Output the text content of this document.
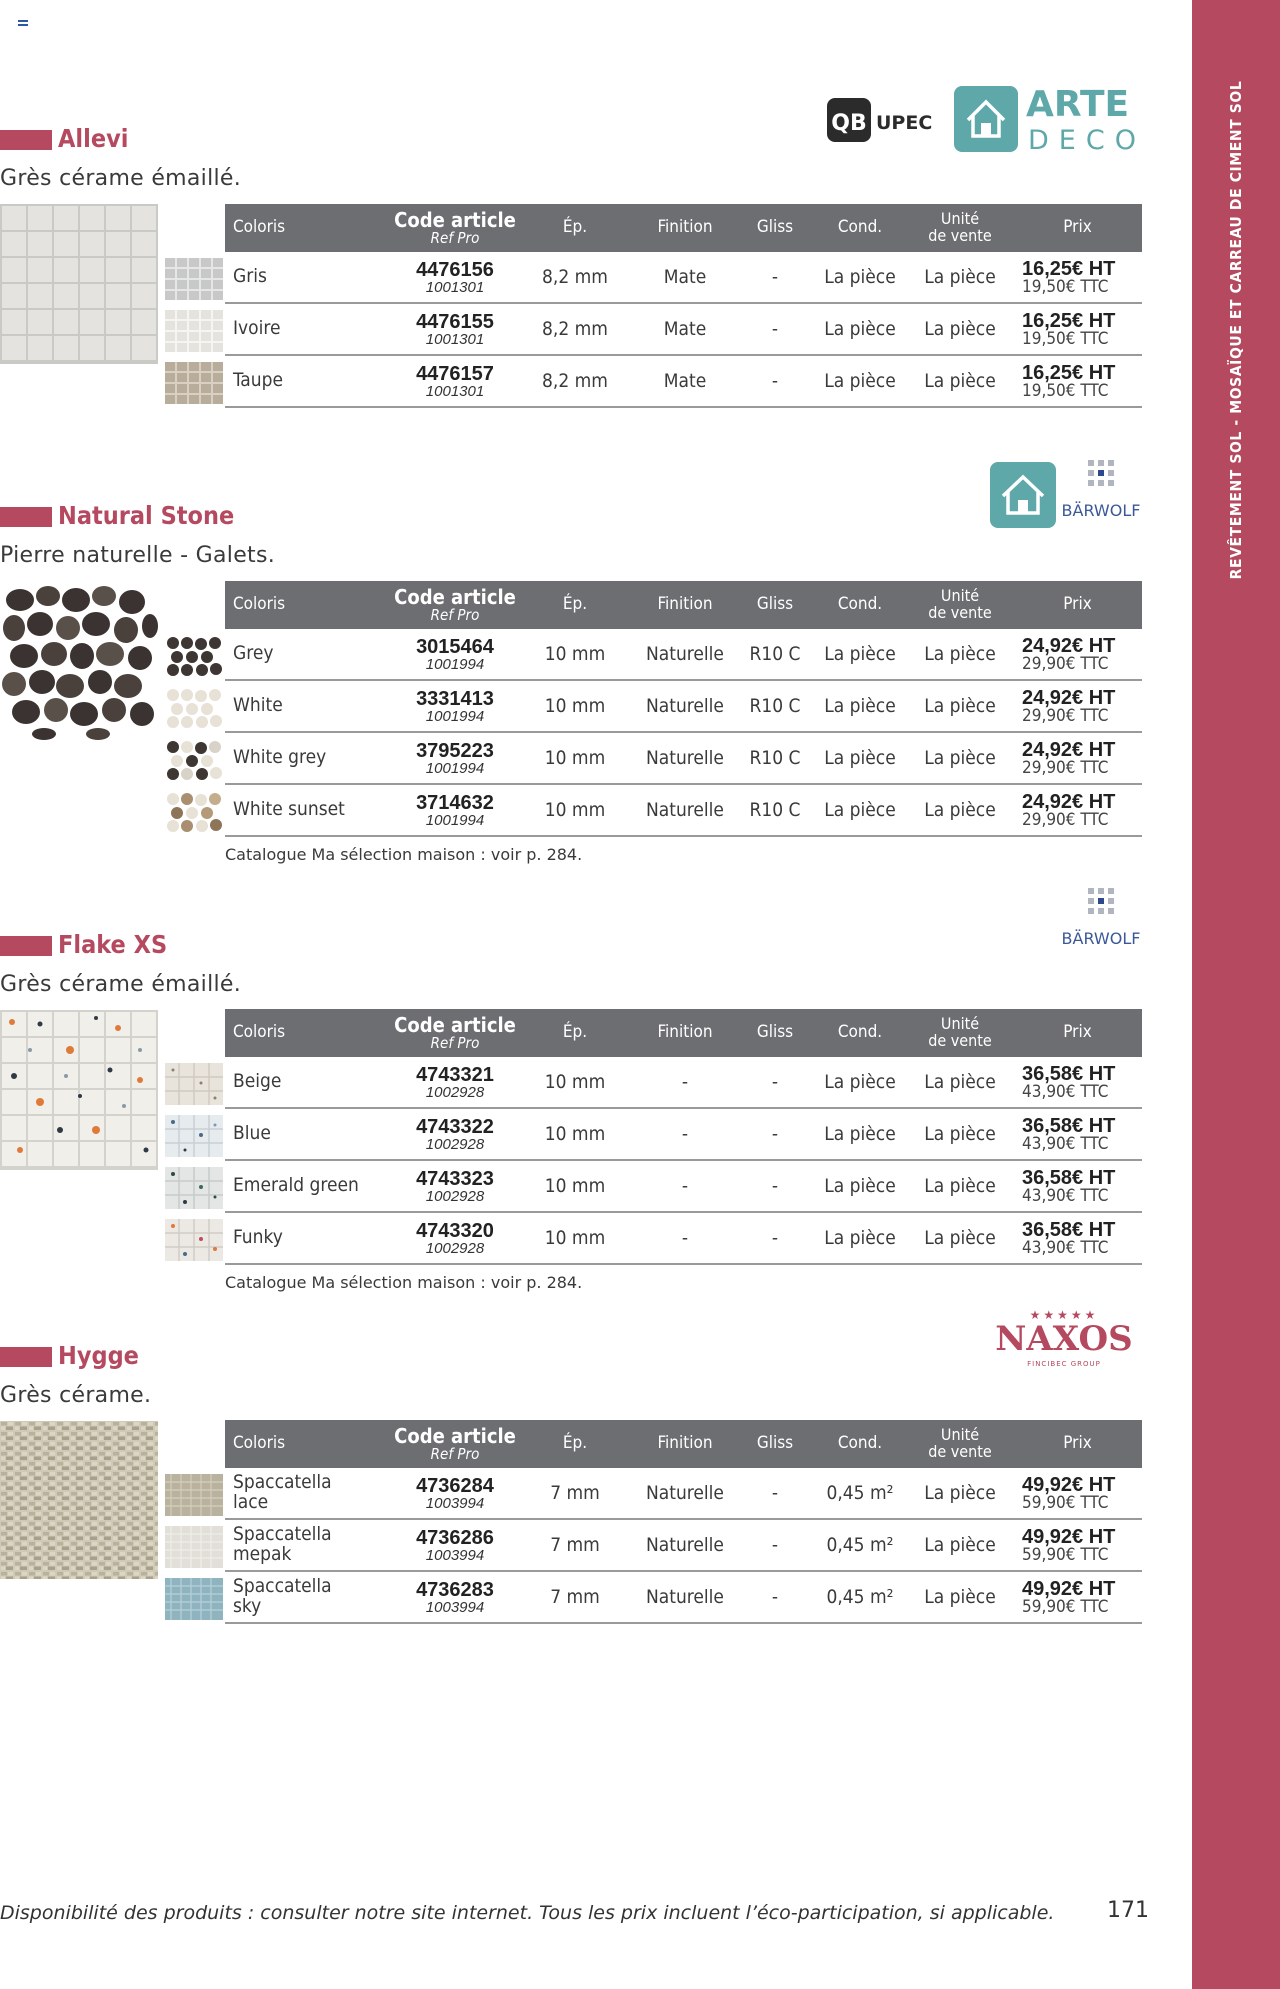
REVÊTEMENT SOL - MOSAÏQUE ET CARREAU DE CIMENT SOL
QB UPEC	ARTE
DECO
BÄRWOLF
BÄRWOLF
★★★★★
NAXOS
FINCIBEC GROUP
Allevi
Grès cérame émaillé.
Coloris	Code article
Ref Pro
Ép.	Finition	Gliss	Cond.	Unité
de vente	Prix
Gris	4476156
1001301	8,2 mm	Mate	-	La pièce	La pièce	16,25€ HT
19,50€ TTC
Ivoire	4476155
1001301	8,2 mm	Mate	-	La pièce	La pièce	16,25€ HT
19,50€ TTC
Taupe	4476157
1001301	8,2 mm	Mate	-	La pièce	La pièce	16,25€ HT
19,50€ TTC
Natural Stone
Pierre naturelle - Galets.
Coloris	Code article
Ref Pro
Ép.	Finition	Gliss	Cond.	Unité
de vente	Prix
Grey	3015464
1001994	10 mm	Naturelle	R10 C La pièce	La pièce	24,92€ HT
29,90€ TTC
White	3331413
1001994	10 mm	Naturelle	R10 C La pièce	La pièce	24,92€ HT
29,90€ TTC
White grey	3795223
1001994	10 mm	Naturelle	R10 C La pièce	La pièce	24,92€ HT
29,90€ TTC
White sunset	3714632
1001994	10 mm	Naturelle	R10 C La pièce	La pièce	24,92€ HT
29,90€ TTC
Catalogue Ma sélection maison : voir p. 284.
Flake XS
Grès cérame émaillé.
Coloris	Code article
Ref Pro
Ép.	Finition	Gliss	Cond.	Unité
de vente	Prix
Beige	4743321
1002928	10 mm	-	-	La pièce	La pièce	36,58€ HT
43,90€ TTC
Blue	4743322
1002928	10 mm	-	-	La pièce	La pièce	36,58€ HT
43,90€ TTC
Emerald green	4743323
1002928	10 mm	-	-	La pièce	La pièce	36,58€ HT
43,90€ TTC
Funky	4743320
1002928	10 mm	-	-	La pièce	La pièce	36,58€ HT
43,90€ TTC
Catalogue Ma sélection maison : voir p. 284.
Hygge
Grès cérame.
Coloris	Code article
Ref Pro
Ép.	Finition	Gliss	Cond.	Unité
de vente	Prix
Spaccatella lace
4736284
1003994	7 mm	Naturelle	-	0,45 m²	La pièce	49,92€ HT
59,90€ TTC
Spaccatella mepak
4736286
1003994	7 mm	Naturelle	-	0,45 m²	La pièce	49,92€ HT
59,90€ TTC
Spaccatella sky
4736283
1003994	7 mm	Naturelle	-	0,45 m²	La pièce	49,92€ HT
59,90€ TTC
Disponibilité des produits : consulter notre site internet. Tous les prix incluent l’éco-participation, si applicable. 171
